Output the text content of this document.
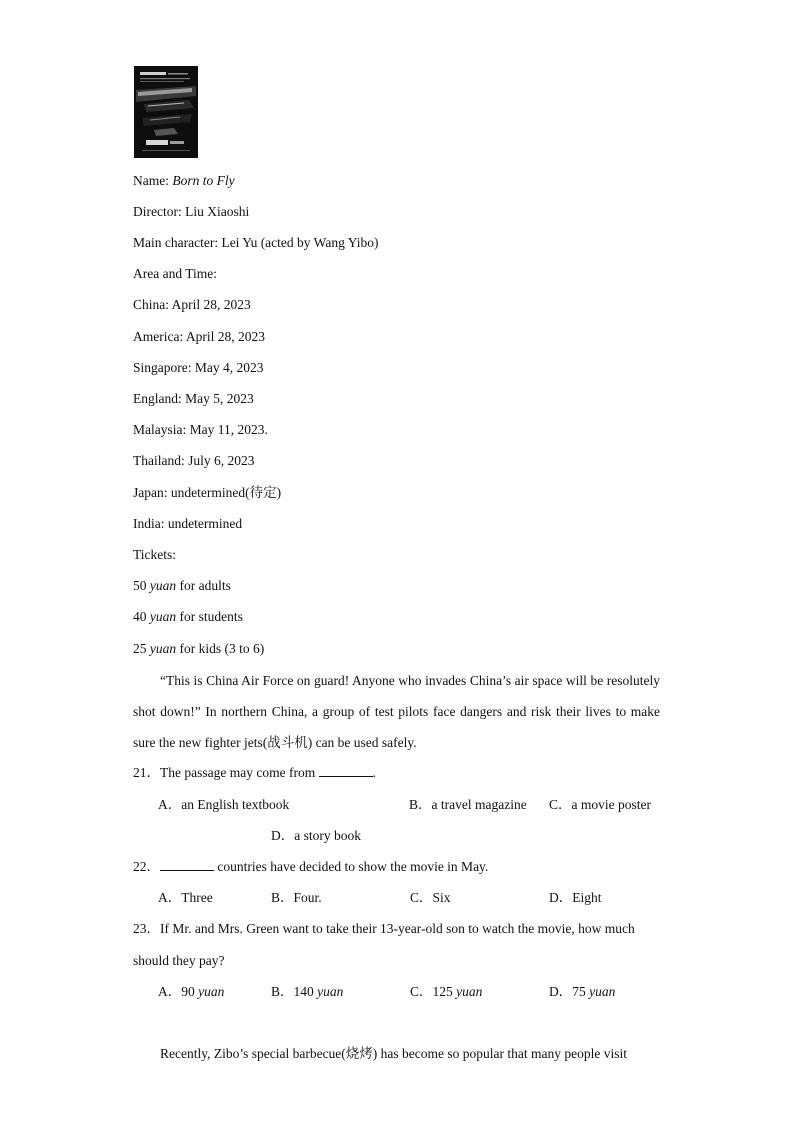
Name: Born to Fly
Director: Liu Xiaoshi
Main character: Lei Yu (acted by Wang Yibo)
Area and Time:
China: April 28, 2023
America: April 28, 2023
Singapore: May 4, 2023
England: May 5, 2023
Malaysia: May 11, 2023.
Thailand: July 6, 2023
Japan: undetermined(待定)
India: undetermined
Tickets:
50 yuan for adults
40 yuan for students
25 yuan for kids (3 to 6)
“This is China Air Force on guard! Anyone who invades China’s air space will be resolutely shot down!” In northern China, a group of test pilots face dangers and risk their lives to make sure the new fighter jets(战斗机) can be used safely.
21．The passage may come from	.
A．an English textbook	B．a travel magazine C．a movie poster
D．a story book
22．	countries have decided to show the movie in May.
A．Three	B．Four.	C．Six	D．Eight
23．If Mr. and Mrs. Green want to take their 13-year-old son to watch the movie, how much
should they pay?
A．90 yuan	B．140 yuan	C．125 yuan	D．75 yuan
Recently, Zibo’s special barbecue(烧烤) has become so popular that many people visit
